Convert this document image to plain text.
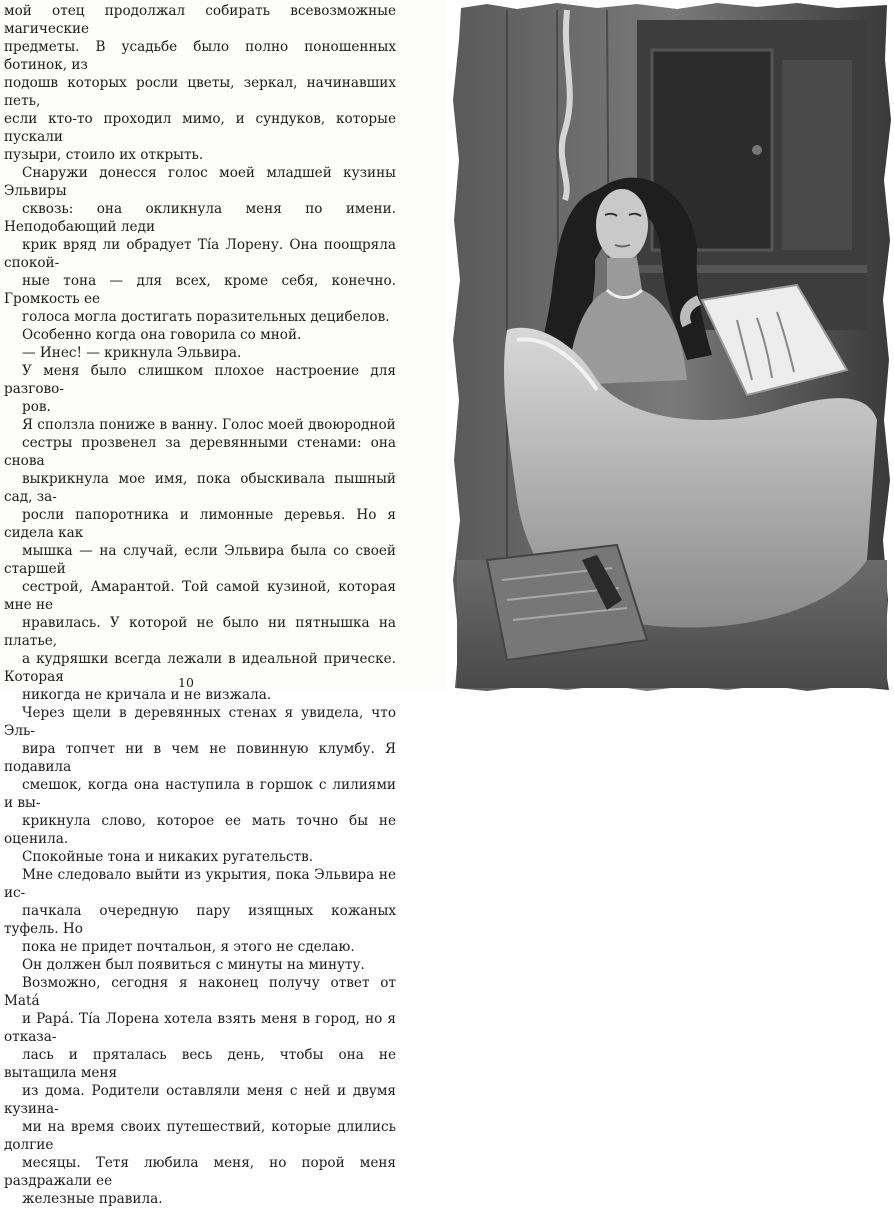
мой отец продолжал собирать всевозможные магические
предметы. В усадьбе было полно поношенных ботинок, из
подошв которых росли цветы, зеркал, начинавших петь,
если кто-то проходил мимо, и сундуков, которые пускали
пузыри, стоило их открыть.

Снаружи донесся голос моей младшей кузины Эльвиры
сквозь: она окликнула меня по имени. Неподобающий леди
крик вряд ли обрадует Tía Лорену. Она поощряла спокой-
ные тона — для всех, кроме себя, конечно. Громкость ее
голоса могла достигать поразительных децибелов.

Особенно когда она говорила со мной.

— Инес! — крикнула Эльвира.

У меня было слишком плохое настроение для разгово-
ров.

Я сползла пониже в ванну. Голос моей двоюродной
сестры прозвенел за деревянными стенами: она снова
выкрикнула мое имя, пока обыскивала пышный сад, за-
росли папоротника и лимонные деревья. Но я сидела как
мышка — на случай, если Эльвира была со своей старшей
сестрой, Амарантой. Той самой кузиной, которая мне не
нравилась. У которой не было ни пятнышка на платье,
а кудряшки всегда лежали в идеальной прическе. Которая
никогда не кричала и не визжала.

Через щели в деревянных стенах я увидела, что Эль-
вира топчет ни в чем не повинную клумбу. Я подавила
смешок, когда она наступила в горшок с лилиями и вы-
крикнула слово, которое ее мать точно бы не оценила.

Спокойные тона и никаких ругательств.

Мне следовало выйти из укрытия, пока Эльвира не ис-
пачкала очередную пару изящных кожаных туфель. Но
пока не придет почтальон, я этого не сделаю.

Он должен был появиться с минуты на минуту.

Возможно, сегодня я наконец получу ответ от Matá
и Papá. Tía Лорена хотела взять меня в город, но я отказа-
лась и пряталась весь день, чтобы она не вытащила меня
из дома. Родители оставляли меня с ней и двумя кузина-
ми на время своих путешествий, которые длились долгие
месяцы. Тетя любила меня, но порой меня раздражали ее
железные правила.

10
